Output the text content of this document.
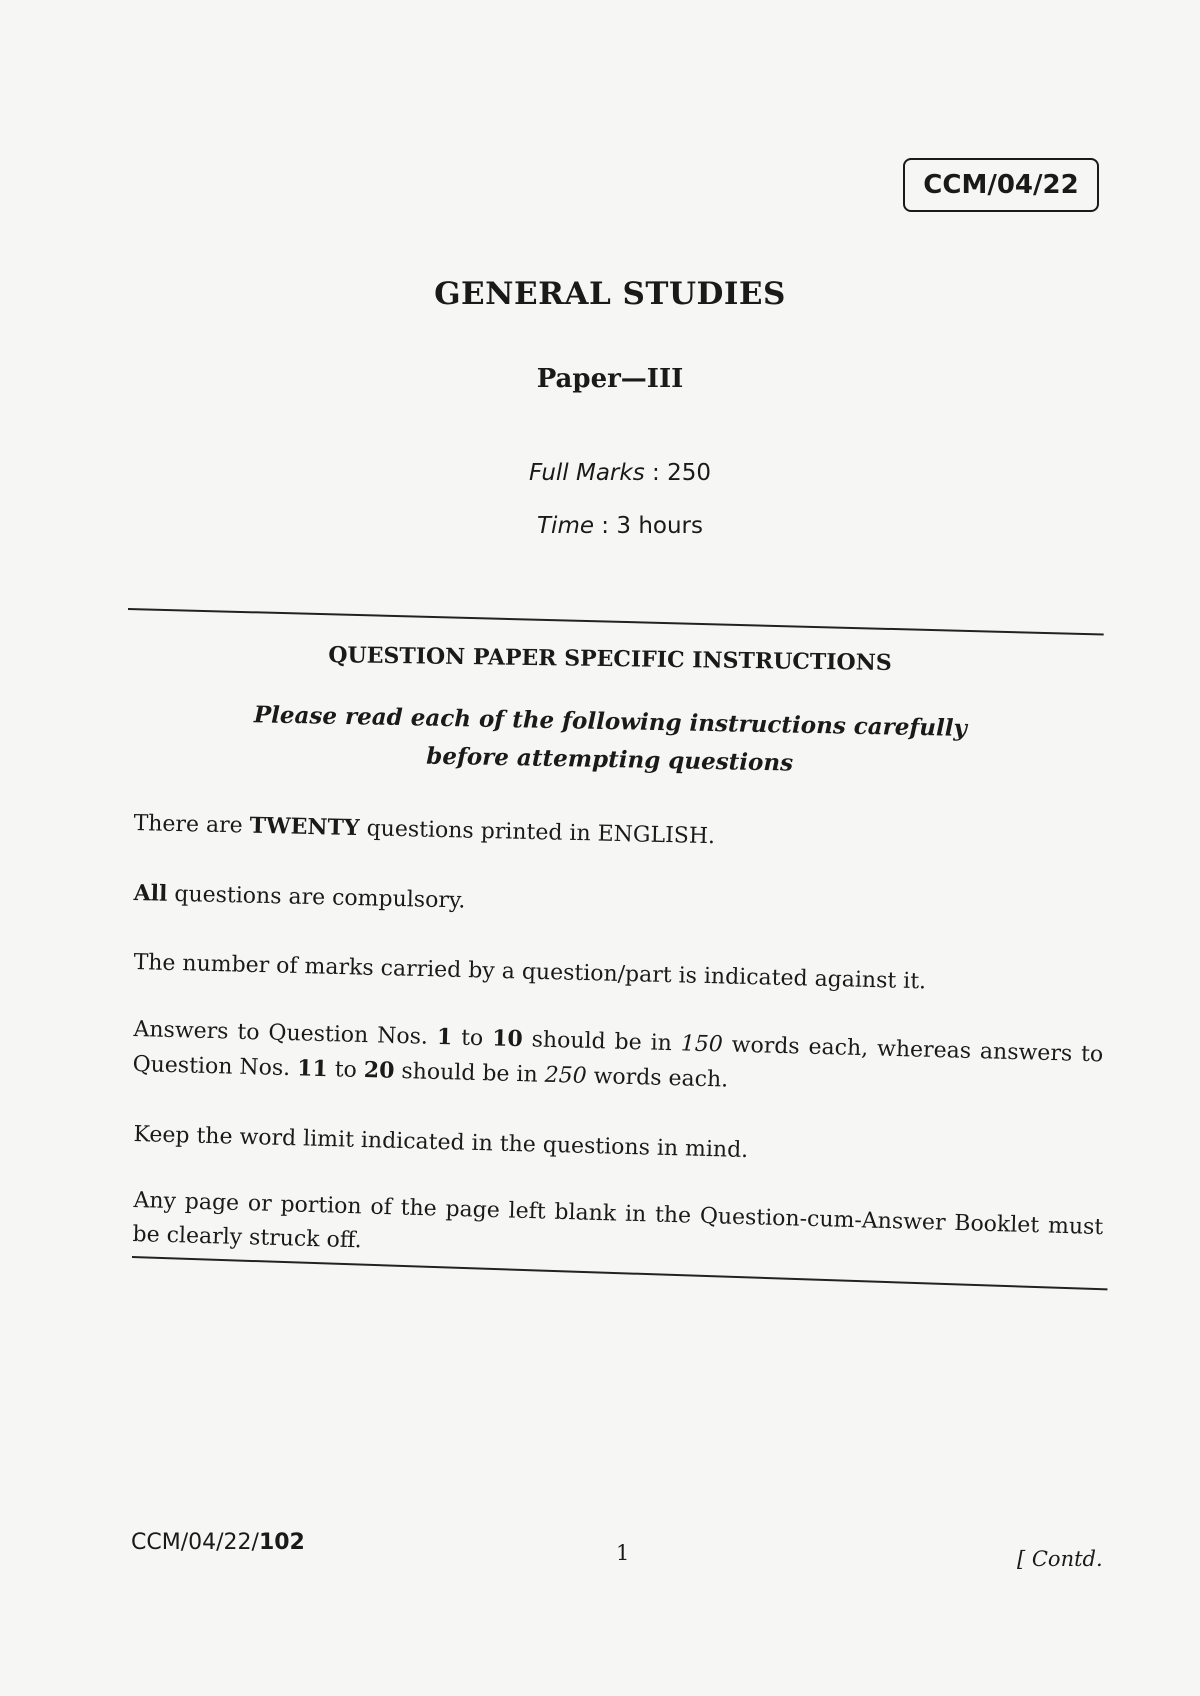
CCM/04/22
GENERAL STUDIES
Paper—III
Full Marks : 250
Time : 3 hours
QUESTION PAPER SPECIFIC INSTRUCTIONS
Please read each of the following instructions carefully
before attempting questions
There are TWENTY questions printed in ENGLISH.
All questions are compulsory.
The number of marks carried by a question/part is indicated against it.
Answers to Question Nos. 1 to 10 should be in 150 words each, whereas answers to Question Nos. 11 to 20 should be in 250 words each.
Keep the word limit indicated in the questions in mind.
Any page or portion of the page left blank in the Question-cum-Answer Booklet must be clearly struck off.
CCM/04/22/102	1	[ Contd.
